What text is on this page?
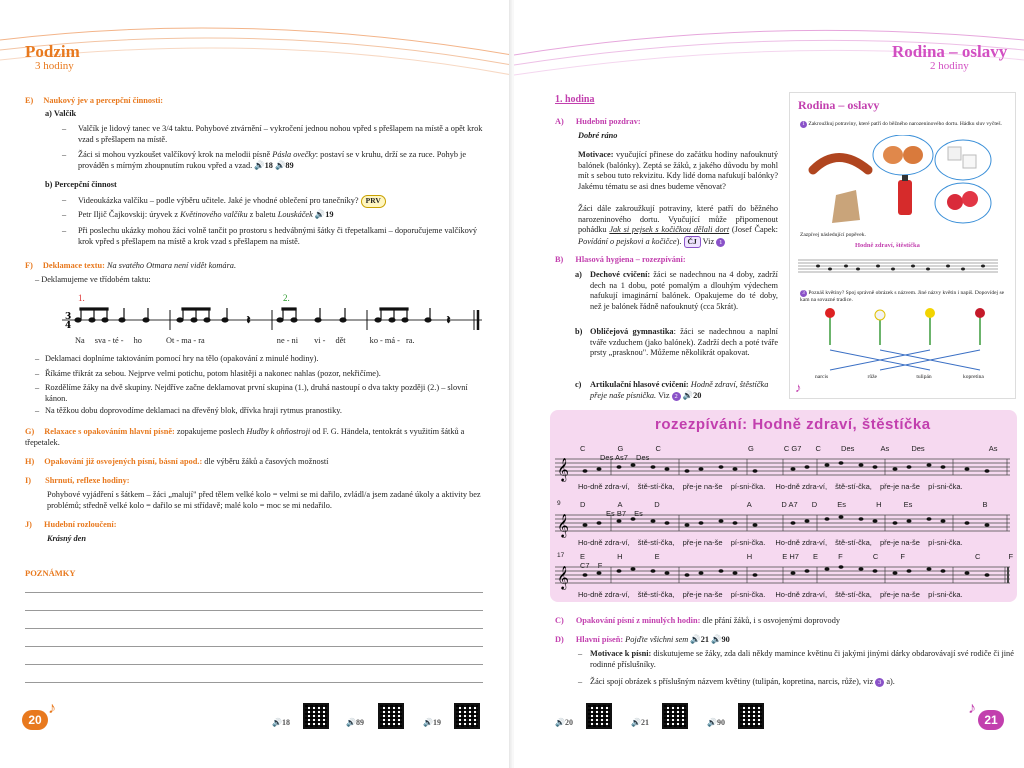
Podzim
3 hodiny
E) Naukový jev a percepční činnosti:
a) Valčík
– Valčík je lidový tanec ve 3/4 taktu. Pohybové ztvárnění – vykročení jednou nohou vpřed s přešlapem na místě a opět krok vzad s přešlapem na místě.
– Žáci si mohou vyzkoušet valčíkový krok na melodii písně Pásla ovečky: postaví se v kruhu, drží se za ruce. Pohyb je prováděn s mírným zhoupnutím rukou vpřed a vzad. 🔊18 🔊89
b) Percepční činnost
– Videoukázka valčíku – podle výběru učitele. Jaké je vhodné oblečení pro tanečníky? PRV
– Petr Iljič Čajkovskij: úryvek z Květinového valčíku z baletu Louskáček 🔊19
– Při poslechu ukázky mohou žáci volně tančit po prostoru s hedvábnými šátky či třepetalkami – doporučujeme valčíkový krok vpřed s přešlapem na místě a krok vzad s přešlapem na místě.
F) Deklamace textu: Na svatého Otmara není vidět komára.
– Deklamujeme ve třídobém taktu:
1.	2.
3
4	𝄽	𝄽
Na sva - té - ho	Ot - ma - ra	ne - ni vi - dět	ko - má - ra.
– Deklamaci doplníme taktováním pomocí hry na tělo (opakování z minulé hodiny).
– Říkáme třikrát za sebou. Nejprve velmi potichu, potom hlasitěji a nakonec nahlas (pozor, nekřičíme).
– Rozdělíme žáky na dvě skupiny. Nejdříve začne deklamovat první skupina (1.), druhá nastoupí o dva takty později (2.) – slovní kánon.
– Na těžkou dobu doprovodíme deklamaci na dřevěný blok, dřívka hraji rytmus pranostiky.
G) Relaxace s opakováním hlavní písně: zopakujeme poslech Hudby k ohňostroji od F. G. Händela, tentokrát s využitím šátků a třepetalek.
H) Opakování již osvojených písní, básní apod.: dle výběru žáků a časových možností
I) Shrnutí, reflexe hodiny:
Pohybové vyjádření s šátkem – žáci „malují" před tělem velké kolo = velmi se mi dařilo, zvládl/a jsem zadané úkoly a aktivity bez problémů; středně velké kolo = dařilo se mi střídavě; malé kolo = moc se mi nedařilo.
J) Hudební rozloučení:
Krásný den
POZNÁMKY
20
♪
🔊18	🔊89	🔊19
Rodina – oslavy
2 hodiny
1. hodina
A) Hudební pozdrav:
Dobré ráno
Motivace: vyučující přinese do začátku hodiny nafouknutý balónek (balónky). Zeptá se žáků, z jakého důvodu by mohl mít s sebou tuto rekvizitu. Kdy lidé doma nafukují balónky? Jakému tématu se asi dnes budeme věnovat?
Žáci dále zakroužkují potraviny, které patří do běžného narozeninového dortu. Vyučující může připomenout pohádku Jak si pejsek s kočičkou dělali dort (Josef Čapek: Povídání o pejskovi a kočičce). ČJ Viz 1
B) Hlasová hygiena – rozezpívání:
a) Dechové cvičení: žáci se nadechnou na 4 doby, zadrží dech na 1 dobu, poté pomalým a dlouhým výdechem nafukují imaginární balónek. Opakujeme do té doby, než je balónek řádně nafouknutý (cca 5krát).
b) Obličejová gymnastika: žáci se nadechnou a naplní tváře vzduchem (jako balónek). Zadrží dech a poté tváře prsty „prasknou". Můžeme několikrát opakovat.
c) Artikulační hlasové cvičení: Hodně zdraví, štěstíčka přeje naše písnička. Viz 2 🔊20
Rodina – oslavy
1 Zakroužkuj potraviny, které patří do běžného narozeninového dortu. Hádku sluv vyčteš.
Zazpívej následující popěvek.
Hodně zdraví, štěstíčka
3 Poznáš květiny? Spoj správně obrázek s názvem. Jiné názvy květin i napiš. Dopovídej se kam na sovazné tradice.
narcis	růže	tulipán	kopretina
♪
rozezpívání: Hodně zdraví, štěstíčka
C	G	C	G	C G7 C	Des	As	Des	As Des As7 Des
𝄞
Ho-dně zdra-ví, ště-stí-čka, pře-je na-še pí-sni-čka. Ho-dně zdra-ví, ště-stí-čka, pře-je na-še pí-sni-čka.
9	D	A	D	A	D A7 D	Es	H	Es	B Es B7 Es
𝄞
Ho-dně zdra-ví, ště-stí-čka, pře-je na-še pí-sni-čka. Ho-dně zdra-ví, ště-stí-čka, pře-je na-še pí-sni-čka.
17 E	H	E	H	E H7 E	F	C	F	C	F C7 F
𝄞
Ho-dně zdra-ví, ště-stí-čka, pře-je na-še pí-sni-čka. Ho-dně zdra-ví, ště-stí-čka, pře-je na-še pí-sni-čka.
C) Opakování písní z minulých hodin: dle přání žáků, i s osvojenými doprovody
D) Hlavní píseň: Pojďte všichni sem 🔊21 🔊90
– Motivace k písni: diskutujeme se žáky, zda dali někdy mamince květinu či jakými jinými dárky obdarovávají své rodiče či jiné rodinné příslušníky.
– Žáci spojí obrázek s příslušným názvem květiny (tulipán, kopretina, narcis, růže), viz 3 a).
🔊20	🔊21	🔊90
♪
21
